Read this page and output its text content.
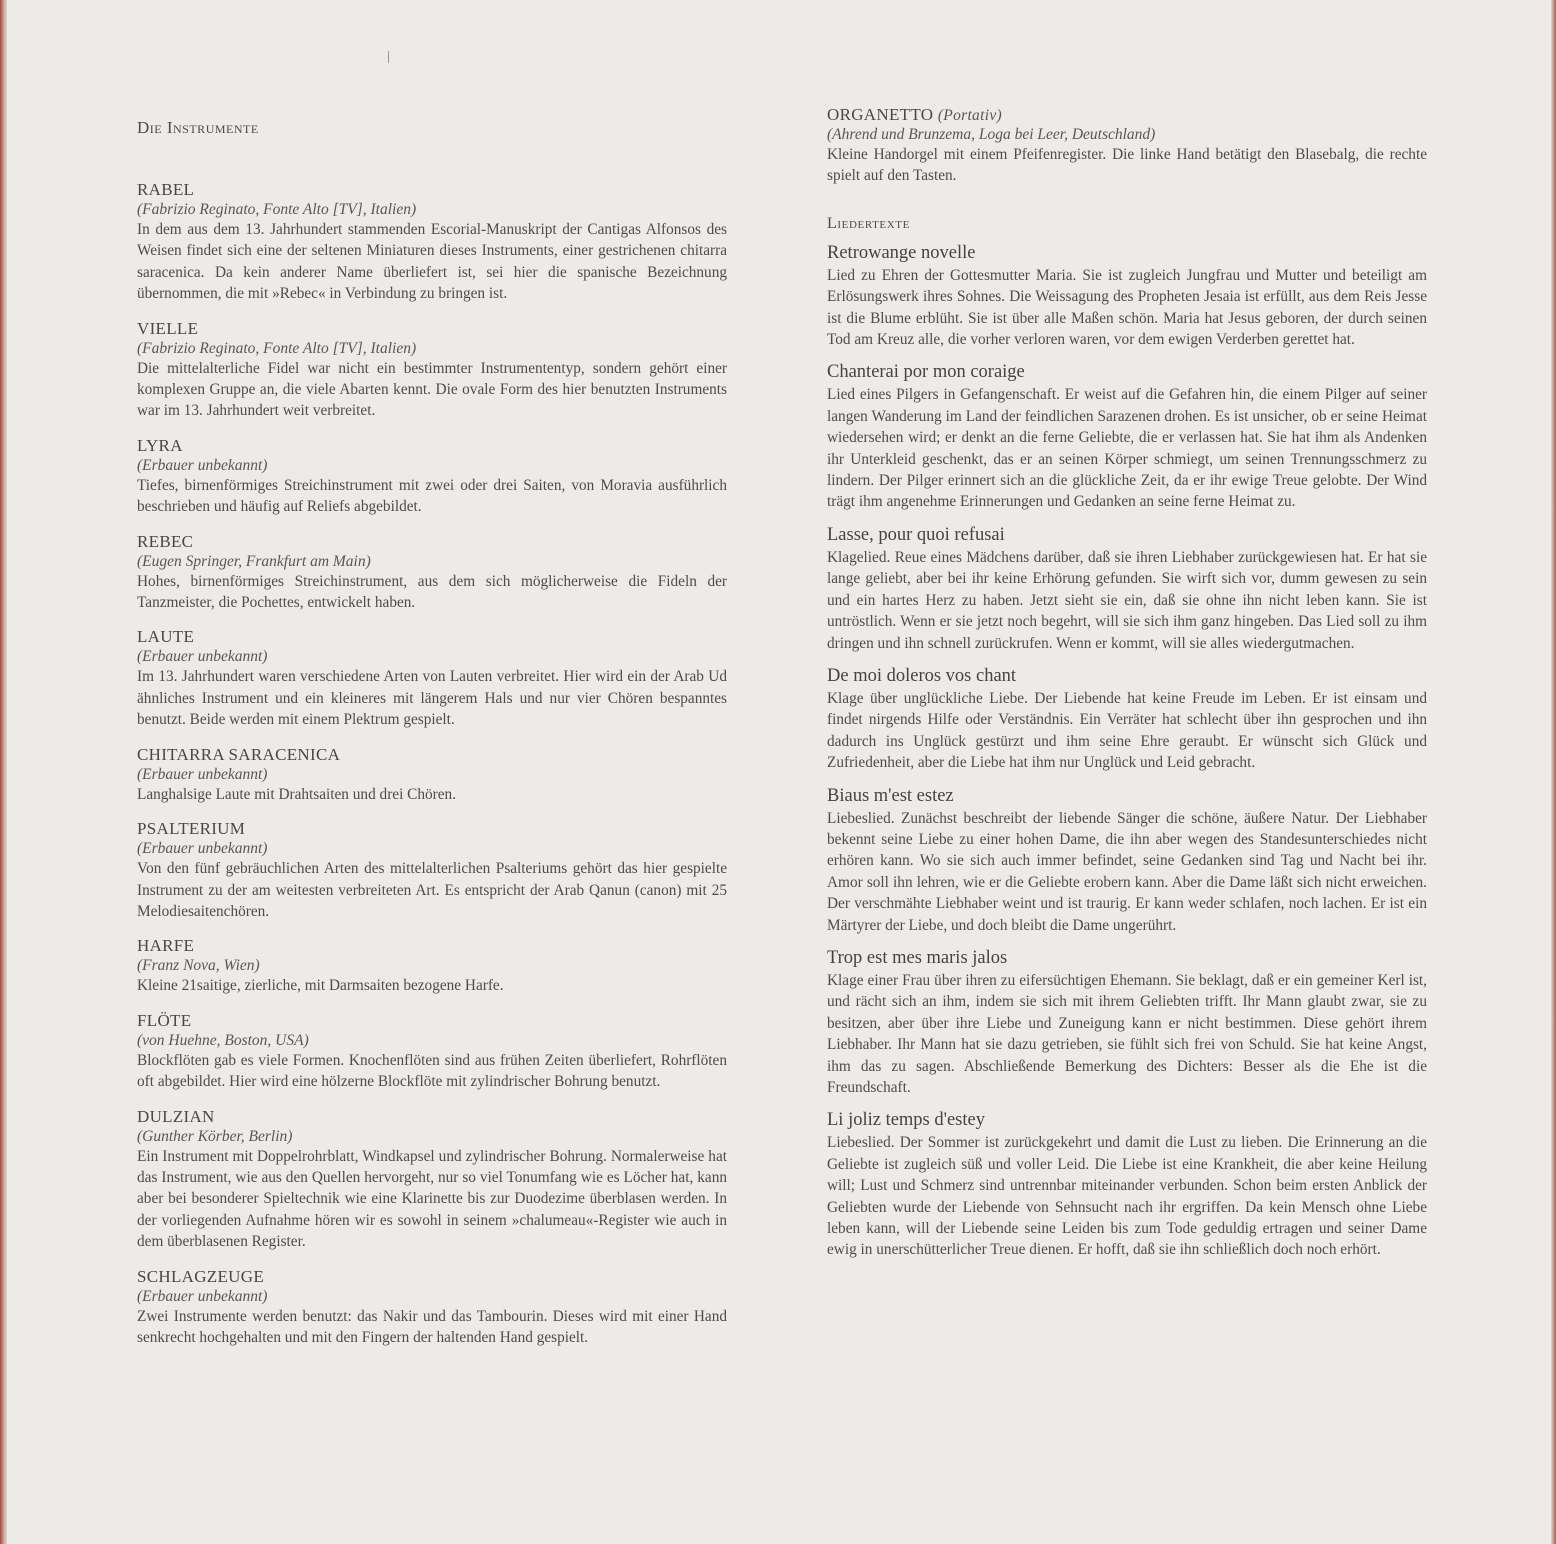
Die Instrumente
RABEL
(Fabrizio Reginato, Fonte Alto [TV], Italien)
In dem aus dem 13. Jahrhundert stammenden Escorial-Manuskript der Cantigas Alfonsos des Weisen findet sich eine der seltenen Miniaturen dieses Instruments, einer gestrichenen chitarra saracenica. Da kein anderer Name überliefert ist, sei hier die spanische Bezeichnung übernommen, die mit »Rebec« in Verbindung zu bringen ist.
VIELLE
(Fabrizio Reginato, Fonte Alto [TV], Italien)
Die mittelalterliche Fidel war nicht ein bestimmter Instrumententyp, sondern gehört einer komplexen Gruppe an, die viele Abarten kennt. Die ovale Form des hier benutzten Instruments war im 13. Jahrhundert weit verbreitet.
LYRA
(Erbauer unbekannt)
Tiefes, birnenförmiges Streichinstrument mit zwei oder drei Saiten, von Moravia ausführlich beschrieben und häufig auf Reliefs abgebildet.
REBEC
(Eugen Springer, Frankfurt am Main)
Hohes, birnenförmiges Streichinstrument, aus dem sich möglicherweise die Fideln der Tanzmeister, die Pochettes, entwickelt haben.
LAUTE
(Erbauer unbekannt)
Im 13. Jahrhundert waren verschiedene Arten von Lauten verbreitet. Hier wird ein der Arab Ud ähnliches Instrument und ein kleineres mit längerem Hals und nur vier Chören bespanntes benutzt. Beide werden mit einem Plektrum gespielt.
CHITARRA SARACENICA
(Erbauer unbekannt)
Langhalsige Laute mit Drahtsaiten und drei Chören.
PSALTERIUM
(Erbauer unbekannt)
Von den fünf gebräuchlichen Arten des mittelalterlichen Psalteriums gehört das hier gespielte Instrument zu der am weitesten verbreiteten Art. Es entspricht der Arab Qanun (canon) mit 25 Melodiesaitenchören.
HARFE
(Franz Nova, Wien)
Kleine 21saitige, zierliche, mit Darmsaiten bezogene Harfe.
FLÖTE
(von Huehne, Boston, USA)
Blockflöten gab es viele Formen. Knochenflöten sind aus frühen Zeiten überliefert, Rohrflöten oft abgebildet. Hier wird eine hölzerne Blockflöte mit zylindrischer Bohrung benutzt.
DULZIAN
(Gunther Körber, Berlin)
Ein Instrument mit Doppelrohrblatt, Windkapsel und zylindrischer Bohrung. Normalerweise hat das Instrument, wie aus den Quellen hervorgeht, nur so viel Tonumfang wie es Löcher hat, kann aber bei besonderer Spieltechnik wie eine Klarinette bis zur Duodezime überblasen werden. In der vorliegenden Aufnahme hören wir es sowohl in seinem »chalumeau«-Register wie auch in dem überblasenen Register.
SCHLAGZEUGE
(Erbauer unbekannt)
Zwei Instrumente werden benutzt: das Nakir und das Tambourin. Dieses wird mit einer Hand senkrecht hochgehalten und mit den Fingern der haltenden Hand gespielt.
ORGANETTO (Portativ)
(Ahrend und Brunzema, Loga bei Leer, Deutschland)
Kleine Handorgel mit einem Pfeifenregister. Die linke Hand betätigt den Blasebalg, die rechte spielt auf den Tasten.
Liedertexte
Retrowange novelle
Lied zu Ehren der Gottesmutter Maria. Sie ist zugleich Jungfrau und Mutter und beteiligt am Erlösungswerk ihres Sohnes. Die Weissagung des Propheten Jesaia ist erfüllt, aus dem Reis Jesse ist die Blume erblüht. Sie ist über alle Maßen schön. Maria hat Jesus geboren, der durch seinen Tod am Kreuz alle, die vorher verloren waren, vor dem ewigen Verderben gerettet hat.
Chanterai por mon coraige
Lied eines Pilgers in Gefangenschaft. Er weist auf die Gefahren hin, die einem Pilger auf seiner langen Wanderung im Land der feindlichen Sarazenen drohen. Es ist unsicher, ob er seine Heimat wiedersehen wird; er denkt an die ferne Geliebte, die er verlassen hat. Sie hat ihm als Andenken ihr Unterkleid geschenkt, das er an seinen Körper schmiegt, um seinen Trennungsschmerz zu lindern. Der Pilger erinnert sich an die glückliche Zeit, da er ihr ewige Treue gelobte. Der Wind trägt ihm angenehme Erinnerungen und Gedanken an seine ferne Heimat zu.
Lasse, pour quoi refusai
Klagelied. Reue eines Mädchens darüber, daß sie ihren Liebhaber zurückgewiesen hat. Er hat sie lange geliebt, aber bei ihr keine Erhörung gefunden. Sie wirft sich vor, dumm gewesen zu sein und ein hartes Herz zu haben. Jetzt sieht sie ein, daß sie ohne ihn nicht leben kann. Sie ist untröstlich. Wenn er sie jetzt noch begehrt, will sie sich ihm ganz hingeben. Das Lied soll zu ihm dringen und ihn schnell zurückrufen. Wenn er kommt, will sie alles wiedergutmachen.
De moi doleros vos chant
Klage über unglückliche Liebe. Der Liebende hat keine Freude im Leben. Er ist einsam und findet nirgends Hilfe oder Verständnis. Ein Verräter hat schlecht über ihn gesprochen und ihn dadurch ins Unglück gestürzt und ihm seine Ehre geraubt. Er wünscht sich Glück und Zufriedenheit, aber die Liebe hat ihm nur Unglück und Leid gebracht.
Biaus m'est estez
Liebeslied. Zunächst beschreibt der liebende Sänger die schöne, äußere Natur. Der Liebhaber bekennt seine Liebe zu einer hohen Dame, die ihn aber wegen des Standesunterschiedes nicht erhören kann. Wo sie sich auch immer befindet, seine Gedanken sind Tag und Nacht bei ihr. Amor soll ihn lehren, wie er die Geliebte erobern kann. Aber die Dame läßt sich nicht erweichen. Der verschmähte Liebhaber weint und ist traurig. Er kann weder schlafen, noch lachen. Er ist ein Märtyrer der Liebe, und doch bleibt die Dame ungerührt.
Trop est mes maris jalos
Klage einer Frau über ihren zu eifersüchtigen Ehemann. Sie beklagt, daß er ein gemeiner Kerl ist, und rächt sich an ihm, indem sie sich mit ihrem Geliebten trifft. Ihr Mann glaubt zwar, sie zu besitzen, aber über ihre Liebe und Zuneigung kann er nicht bestimmen. Diese gehört ihrem Liebhaber. Ihr Mann hat sie dazu getrieben, sie fühlt sich frei von Schuld. Sie hat keine Angst, ihm das zu sagen. Abschließende Bemerkung des Dichters: Besser als die Ehe ist die Freundschaft.
Li joliz temps d'estey
Liebeslied. Der Sommer ist zurückgekehrt und damit die Lust zu lieben. Die Erinnerung an die Geliebte ist zugleich süß und voller Leid. Die Liebe ist eine Krankheit, die aber keine Heilung will; Lust und Schmerz sind untrennbar miteinander verbunden. Schon beim ersten Anblick der Geliebten wurde der Liebende von Sehnsucht nach ihr ergriffen. Da kein Mensch ohne Liebe leben kann, will der Liebende seine Leiden bis zum Tode geduldig ertragen und seiner Dame ewig in unerschütterlicher Treue dienen. Er hofft, daß sie ihn schließlich doch noch erhört.
